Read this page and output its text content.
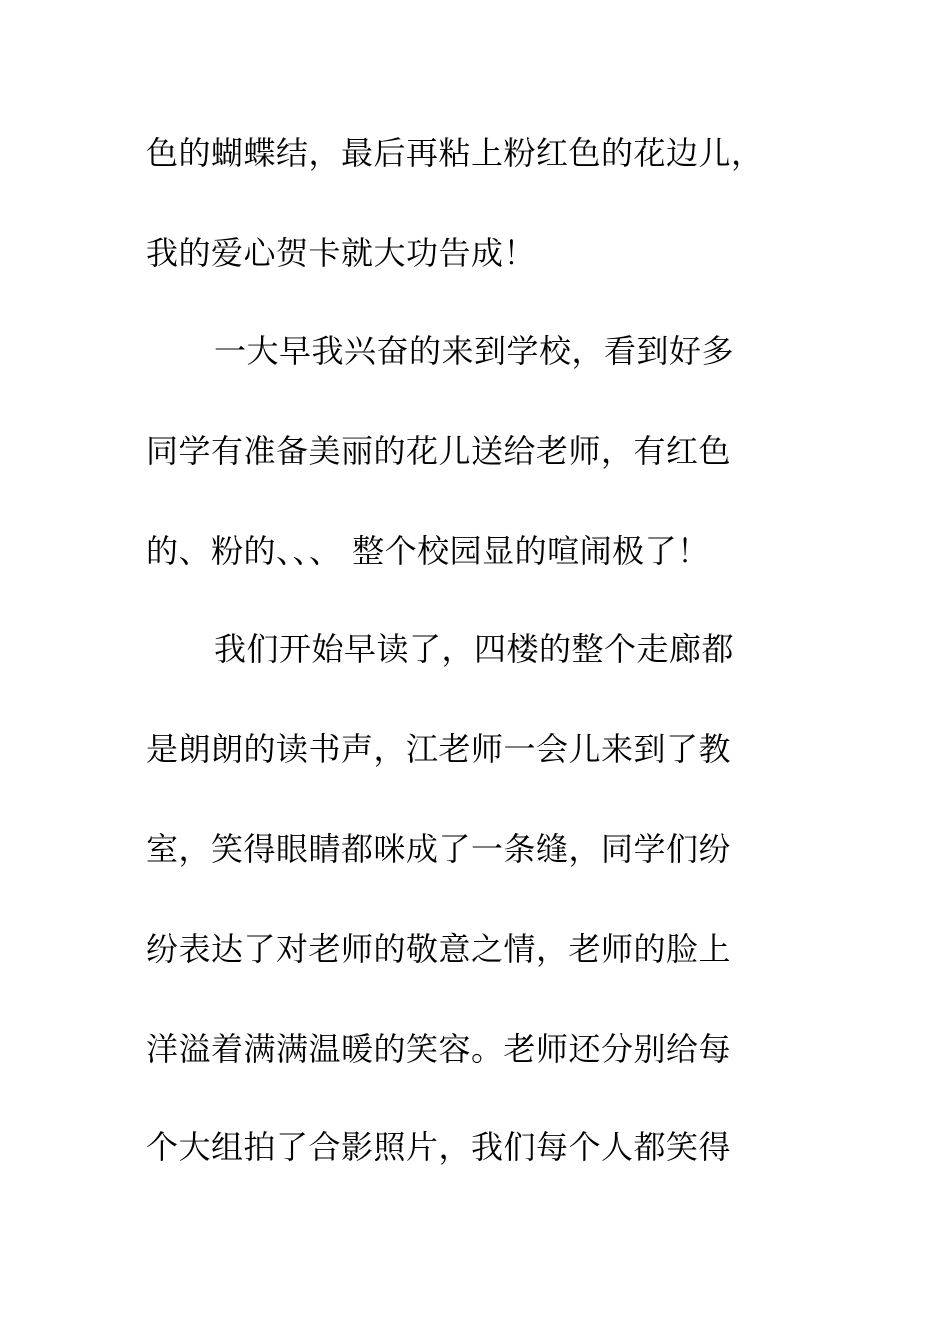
色的蝴蝶结，最后再粘上粉红色的花边儿，
我的爱心贺卡就大功告成！
一大早我兴奋的来到学校，看到好多
同学有准备美丽的花儿送给老师，有红色
的、粉的、、、 整个校园显的喧闹极了！
我们开始早读了，四楼的整个走廊都
是朗朗的读书声，江老师一会儿来到了教
室，笑得眼睛都咪成了一条缝，同学们纷
纷表达了对老师的敬意之情，老师的脸上
洋溢着满满温暖的笑容。老师还分别给每
个大组拍了合影照片，我们每个人都笑得
